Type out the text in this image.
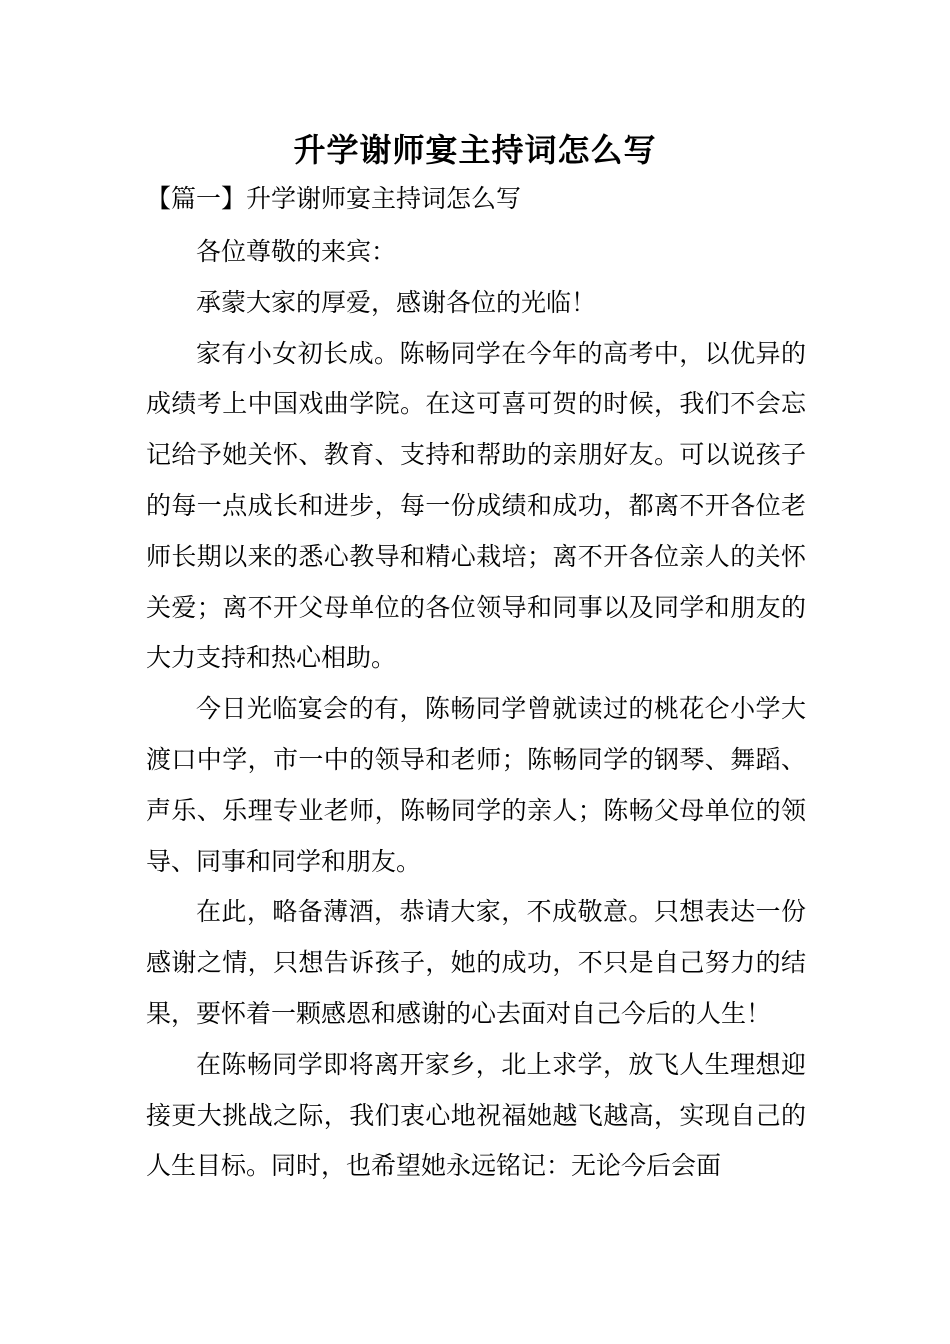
升学谢师宴主持词怎么写
【篇一】升学谢师宴主持词怎么写

各位尊敬的来宾：

承蒙大家的厚爱，感谢各位的光临！

家有小女初长成。陈畅同学在今年的高考中，以优异的成绩考上中国戏曲学院。在这可喜可贺的时候，我们不会忘记给予她关怀、教育、支持和帮助的亲朋好友。可以说孩子的每一点成长和进步，每一份成绩和成功，都离不开各位老师长期以来的悉心教导和精心栽培；离不开各位亲人的关怀关爱；离不开父母单位的各位领导和同事以及同学和朋友的大力支持和热心相助。

今日光临宴会的有，陈畅同学曾就读过的桃花仑小学大渡口中学，市一中的领导和老师；陈畅同学的钢琴、舞蹈、声乐、乐理专业老师，陈畅同学的亲人；陈畅父母单位的领导、同事和同学和朋友。

在此，略备薄酒，恭请大家，不成敬意。只想表达一份感谢之情，只想告诉孩子，她的成功，不只是自己努力的结果，要怀着一颗感恩和感谢的心去面对自己今后的人生！

在陈畅同学即将离开家乡，北上求学，放飞人生理想迎接更大挑战之际，我们衷心地祝福她越飞越高，实现自己的人生目标。同时，也希望她永远铭记：无论今后会面
